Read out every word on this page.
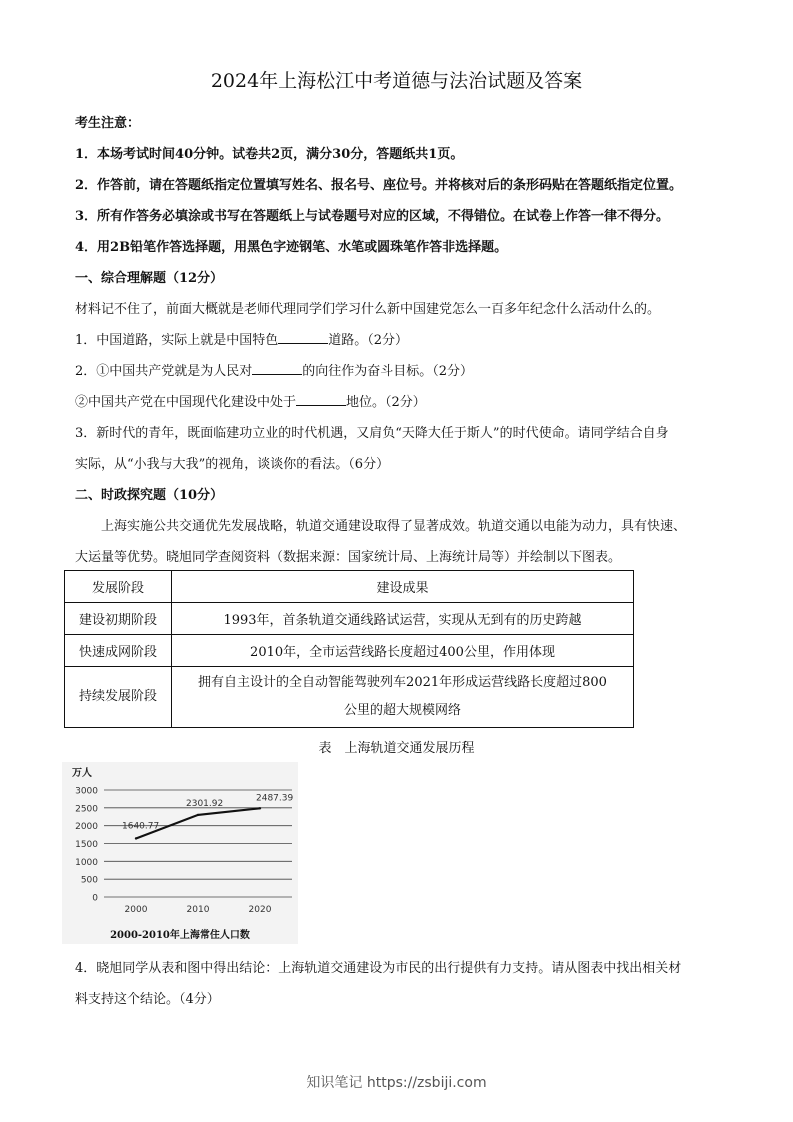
2024年上海松江中考道德与法治试题及答案
考生注意：
1．本场考试时间40分钟。试卷共2页，满分30分，答题纸共1页。
2．作答前，请在答题纸指定位置填写姓名、报名号、座位号。并将核对后的条形码贴在答题纸指定位置。
3．所有作答务必填涂或书写在答题纸上与试卷题号对应的区域，不得错位。在试卷上作答一律不得分。
4．用2B铅笔作答选择题，用黑色字迹钢笔、水笔或圆珠笔作答非选择题。
一、综合理解题（12分）
材料记不住了，前面大概就是老师代理同学们学习什么新中国建党怎么一百多年纪念什么活动什么的。
1．中国道路，实际上就是中国特色	道路。（2分）
2．①中国共产党就是为人民对	的向往作为奋斗目标。（2分）
②中国共产党在中国现代化建设中处于	地位。（2分）
3．新时代的青年，既面临建功立业的时代机遇，又肩负“天降大任于斯人”的时代使命。请同学结合自身
实际，从“小我与大我”的视角，谈谈你的看法。（6分）
二、时政探究题（10分）
上海实施公共交通优先发展战略，轨道交通建设取得了显著成效。轨道交通以电能为动力，具有快速、
大运量等优势。晓旭同学查阅资料（数据来源：国家统计局、上海统计局等）并绘制以下图表。
发展阶段	建设成果
建设初期阶段	1993年，首条轨道交通线路试运营，实现从无到有的历史跨越
快速成网阶段	2010年，全市运营线路长度超过400公里，作用体现
持续发展阶段	拥有自主设计的全自动智能驾驶列车2021年形成运营线路长度超过800
公里的超大规模网络
表　上海轨道交通发展历程
万人
0
500
1000
1500
2000
2500
3000
2000	2010	2020
1640.77
2301.92
2487.39
2000-2010年上海常住人口数
4．晓旭同学从表和图中得出结论：上海轨道交通建设为市民的出行提供有力支持。请从图表中找出相关材
料支持这个结论。（4分）
知识笔记 https://zsbiji.com
